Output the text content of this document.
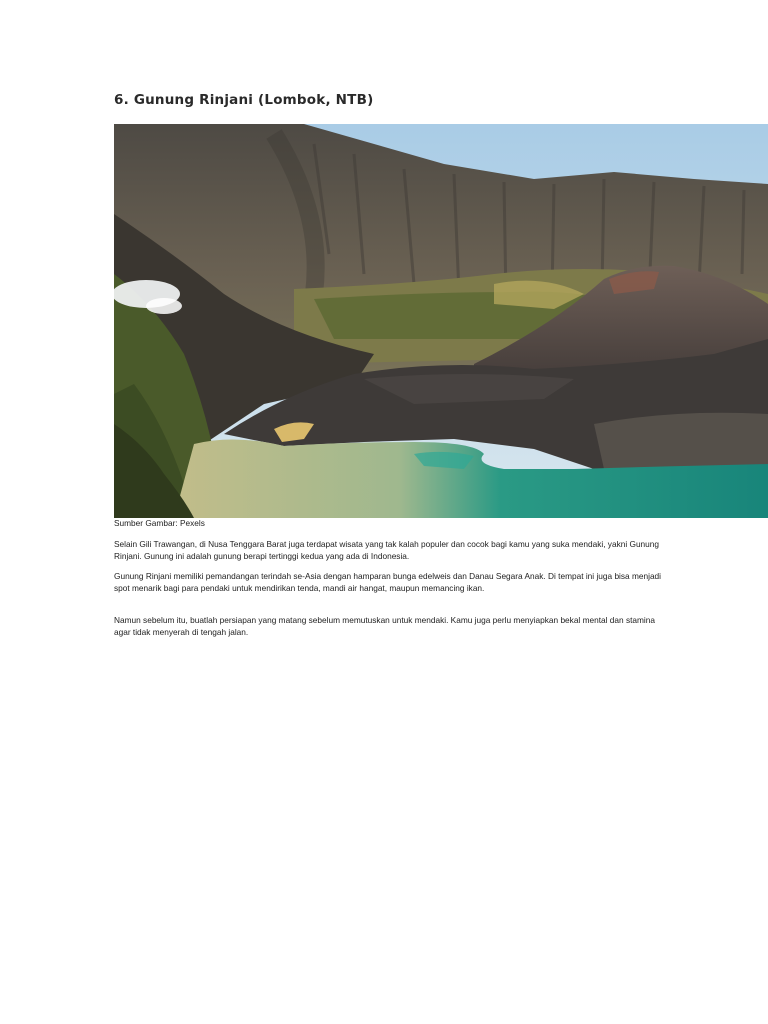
6. Gunung Rinjani (Lombok, NTB)
Sumber Gambar: Pexels

Selain Gili Trawangan, di Nusa Tenggara Barat juga terdapat wisata yang tak kalah populer dan cocok bagi kamu yang suka mendaki, yakni Gunung Rinjani. Gunung ini adalah gunung berapi tertinggi kedua yang ada di Indonesia.

Gunung Rinjani memiliki pemandangan terindah se-Asia dengan hamparan bunga edelweis dan Danau Segara Anak. Di tempat ini juga bisa menjadi spot menarik bagi para pendaki untuk mendirikan tenda, mandi air hangat, maupun memancing ikan.

Namun sebelum itu, buatlah persiapan yang matang sebelum memutuskan untuk mendaki. Kamu juga perlu menyiapkan bekal mental dan stamina agar tidak menyerah di tengah jalan.
